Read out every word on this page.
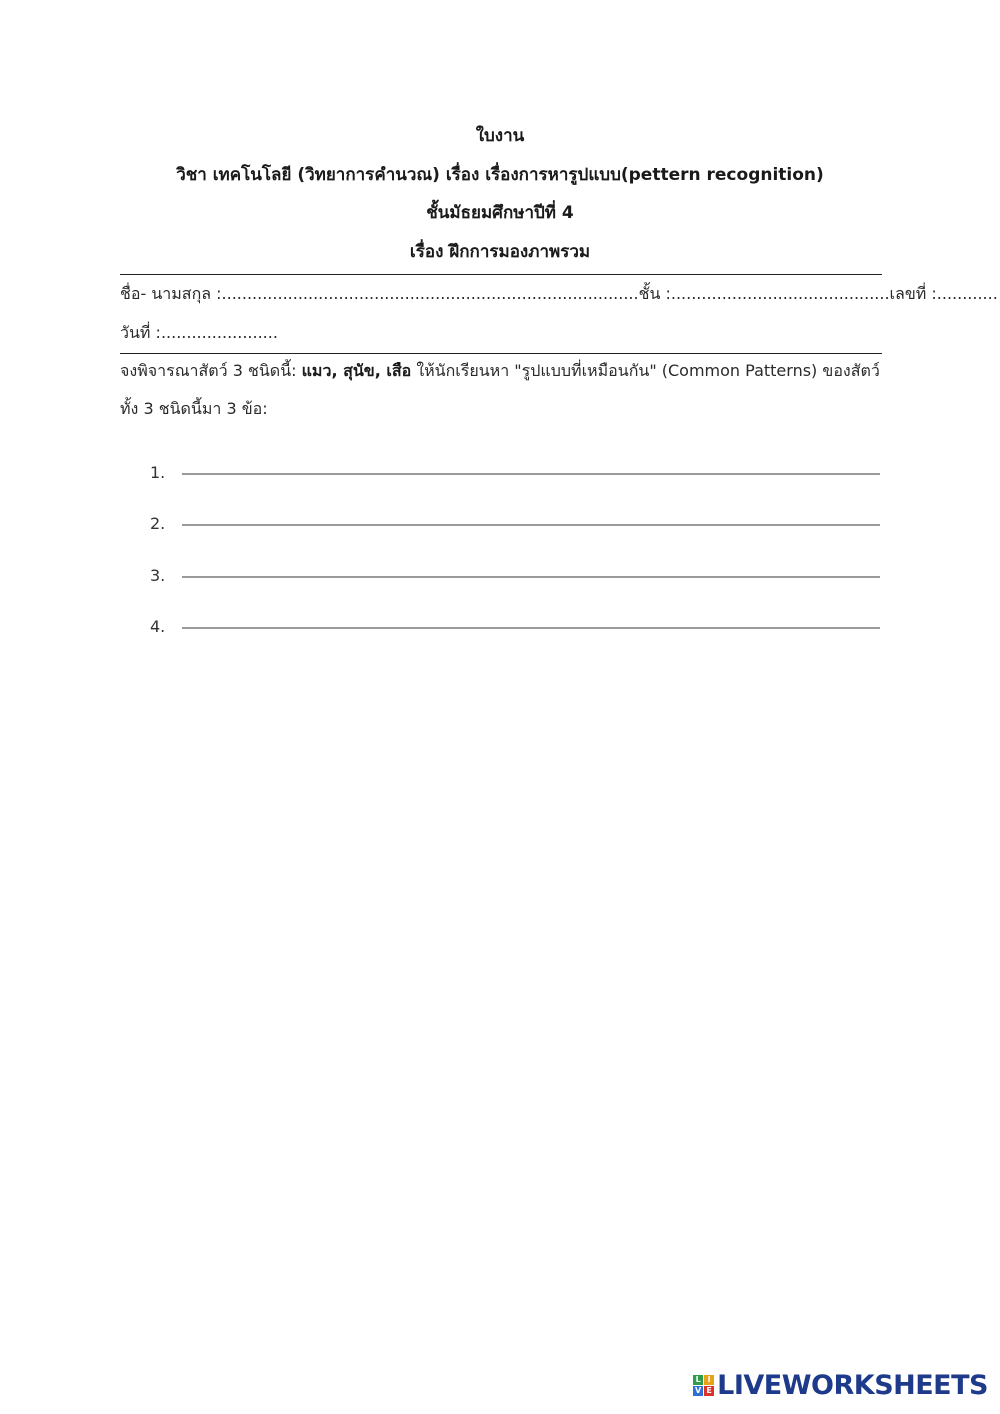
ใบงาน
วิชา เทคโนโลยี (วิทยาการคำนวณ) เรื่อง เรื่องการหารูปแบบ(pettern recognition)
ชั้นมัธยมศึกษาปีที่ 4
เรื่อง ฝึกการมองภาพรวม
ชื่อ- นามสกุล :..................................................................................ชั้น :...........................................เลขที่ :............
วันที่ :.......................
จงพิจารณาสัตว์ 3 ชนิดนี้: แมว, สุนัข, เสือ ให้นักเรียนหา "รูปแบบที่เหมือนกัน" (Common Patterns) ของสัตว์ทั้ง 3 ชนิดนี้มา 3 ข้อ:
1.
2.
3.
4.
L I
V E LIVEWORKSHEETS
